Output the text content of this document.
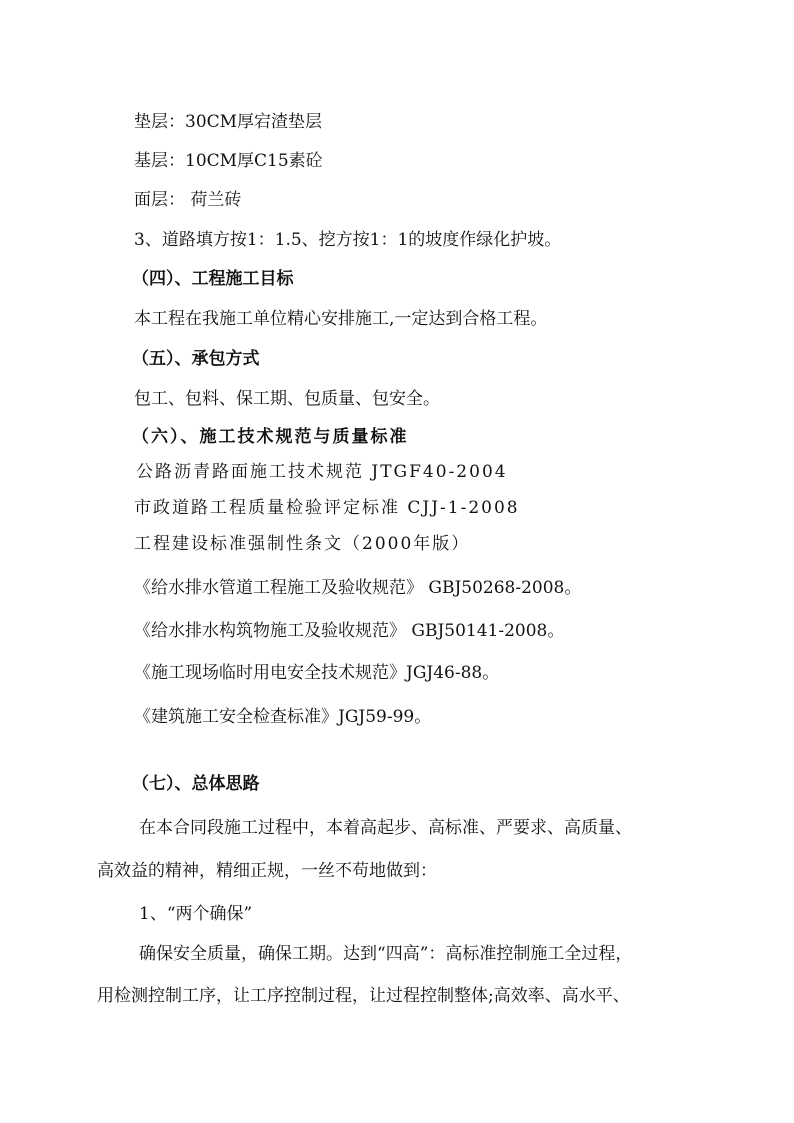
垫层：30CM厚宕渣垫层
基层：10CM厚C15素砼
面层： 荷兰砖
3、道路填方按1：1.5、挖方按1：1的坡度作绿化护坡。
（四）、工程施工目标
本工程在我施工单位精心安排施工,一定达到合格工程。
（五）、承包方式
包工、包料、保工期、包质量、包安全。
（六）、施工技术规范与质量标准
公路沥青路面施工技术规范 JTGF40-2004
市政道路工程质量检验评定标准 CJJ-1-2008
工程建设标准强制性条文（2000年版）
《给水排水管道工程施工及验收规范》 GBJ50268-2008。
《给水排水构筑物施工及验收规范》 GBJ50141-2008。
《施工现场临时用电安全技术规范》JGJ46-88。
《建筑施工安全检查标准》JGJ59-99。
（七）、总体思路
在本合同段施工过程中，本着高起步、高标准、严要求、高质量、
高效益的精神，精细正规，一丝不苟地做到：
1、“两个确保”
确保安全质量，确保工期。达到“四高”：高标准控制施工全过程，
用检测控制工序，让工序控制过程，让过程控制整体;高效率、高水平、
